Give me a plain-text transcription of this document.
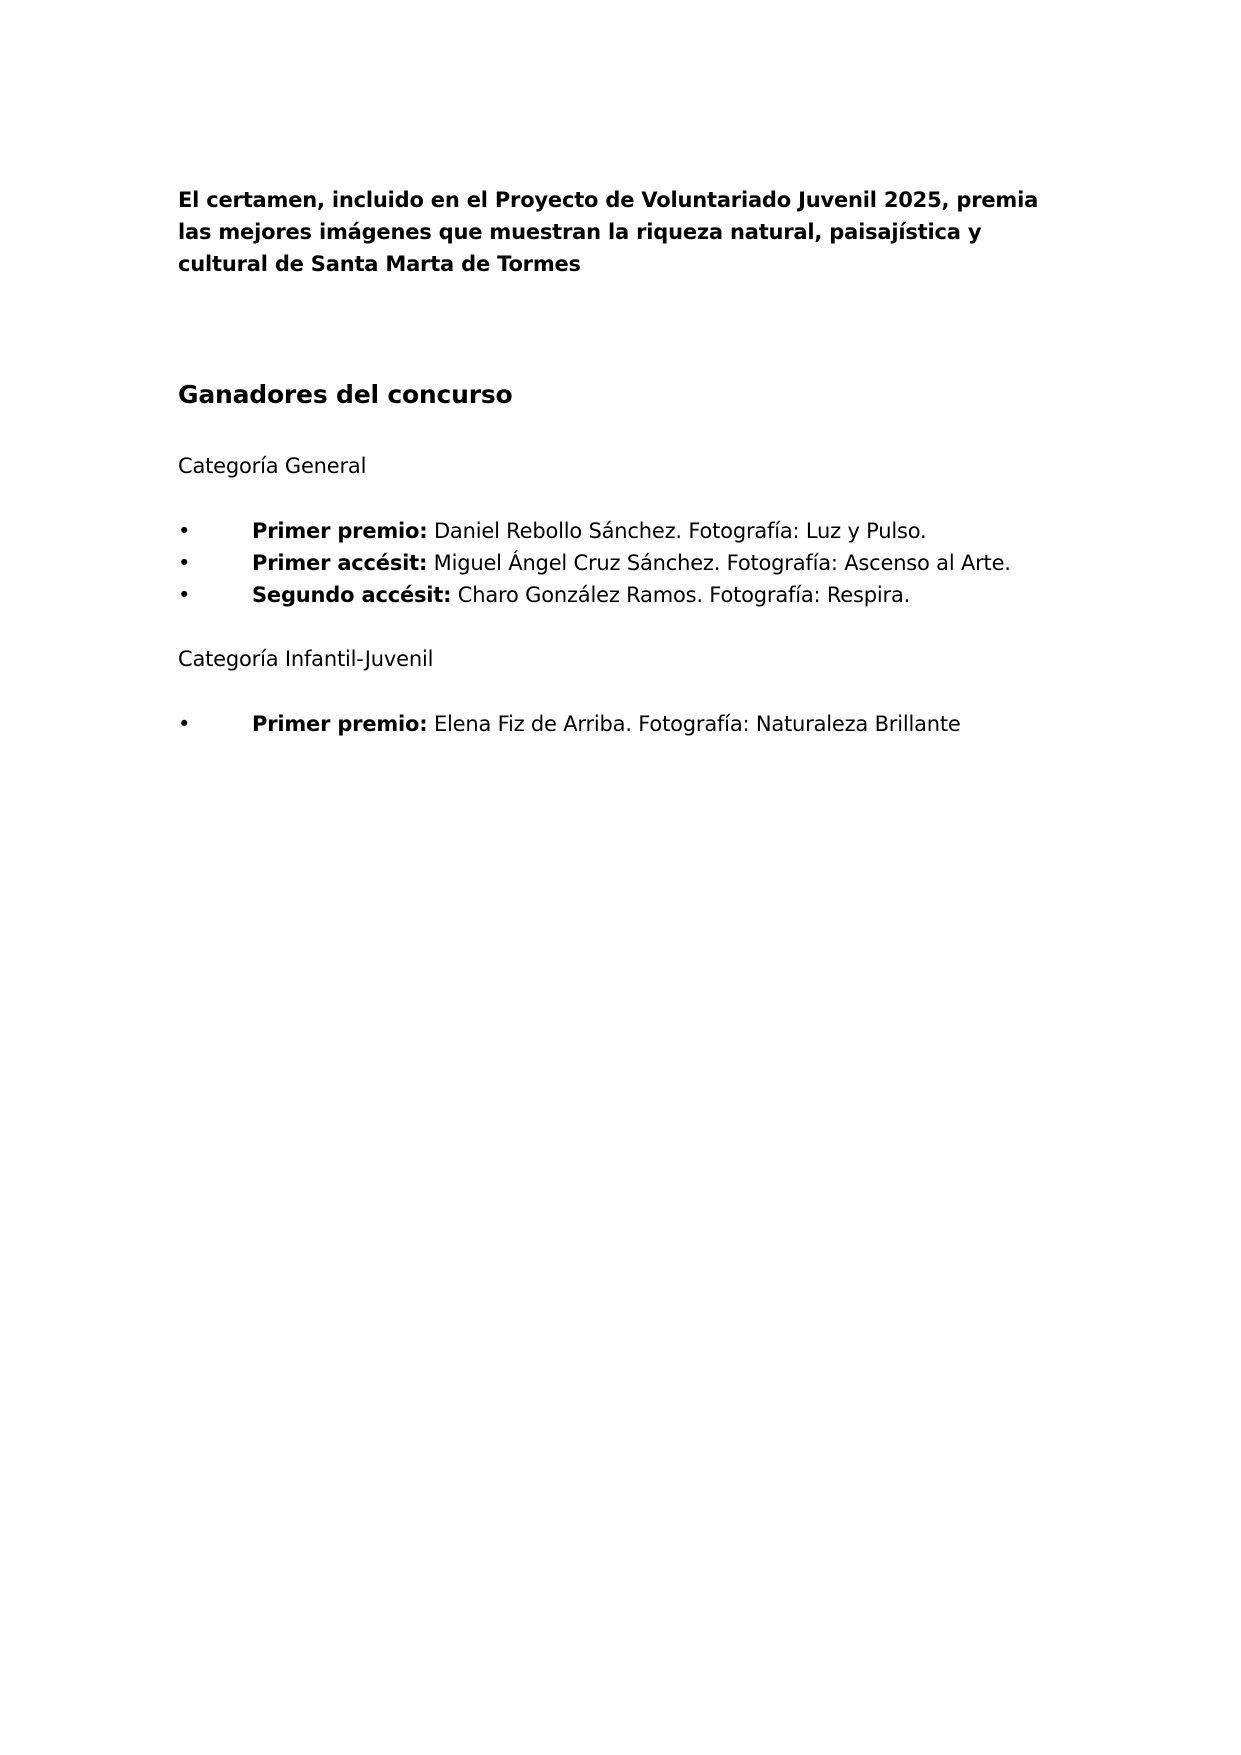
El certamen, incluido en el Proyecto de Voluntariado Juvenil 2025, premia las mejores imágenes que muestran la riqueza natural, paisajística y cultural de Santa Marta de Tormes

Ganadores del concurso

Categoría General

•	Primer premio: Daniel Rebollo Sánchez. Fotografía: Luz y Pulso.
•	Primer accésit: Miguel Ángel Cruz Sánchez. Fotografía: Ascenso al Arte.
•	Segundo accésit: Charo González Ramos. Fotografía: Respira.

Categoría Infantil-Juvenil

•	Primer premio: Elena Fiz de Arriba. Fotografía: Naturaleza Brillante
